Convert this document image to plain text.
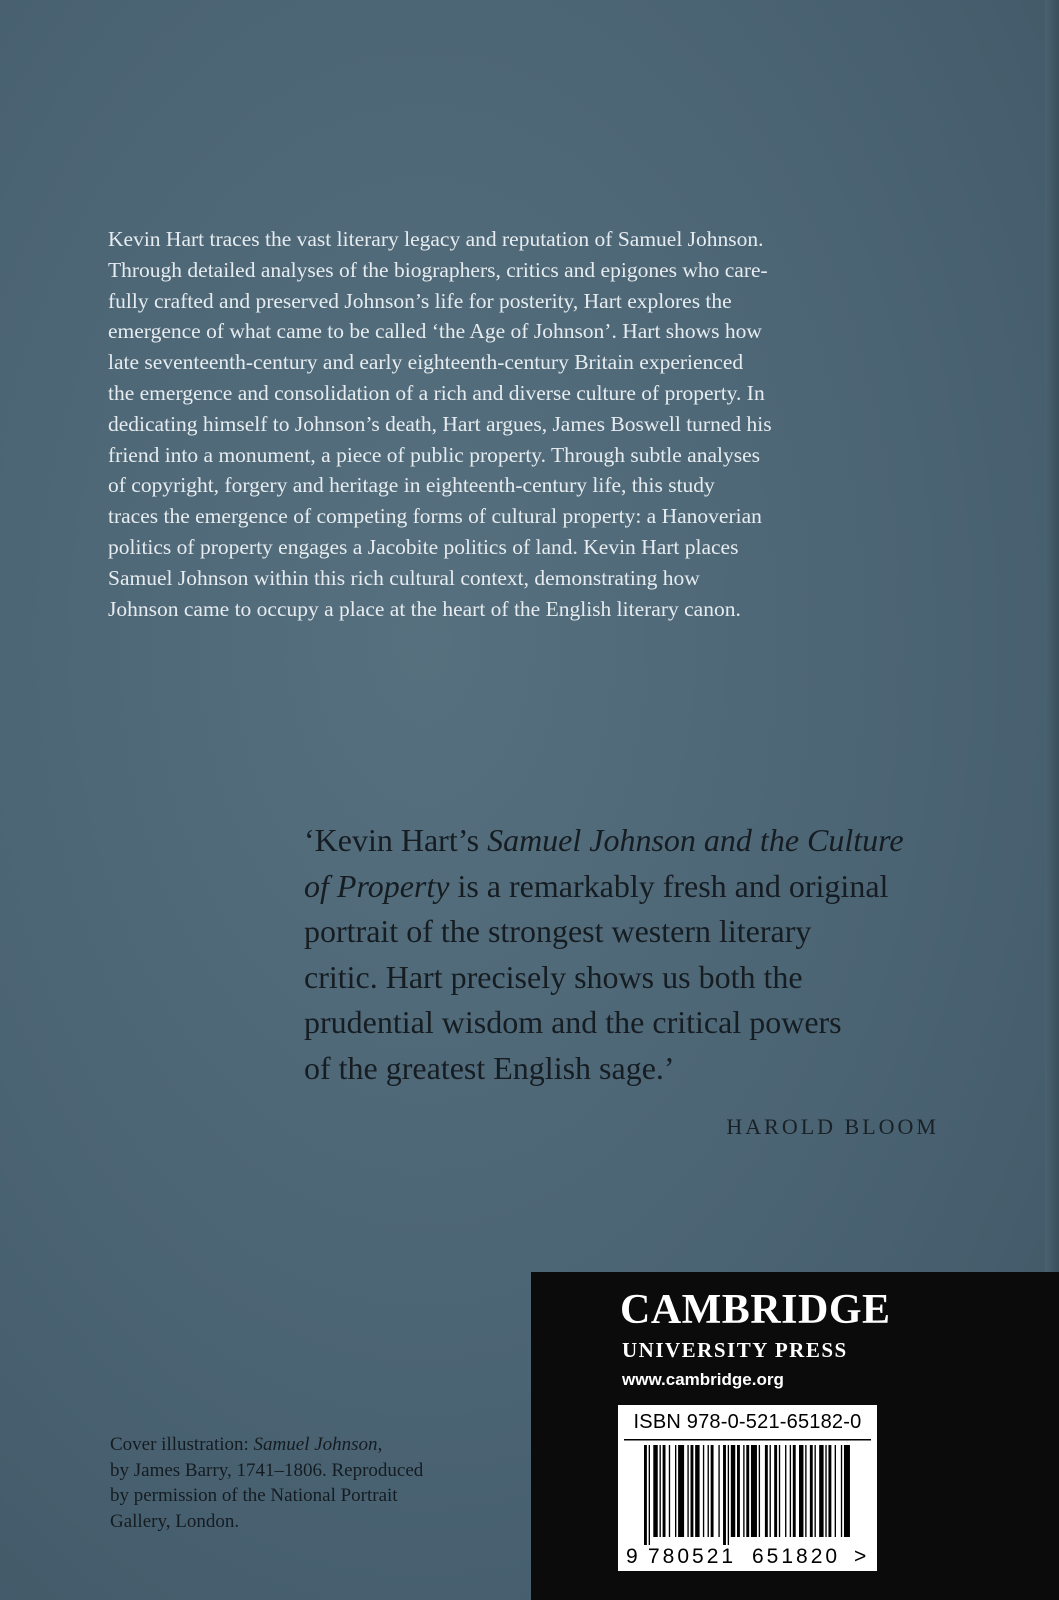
Kevin Hart traces the vast literary legacy and reputation of Samuel Johnson.

Through detailed analyses of the biographers, critics and epigones who care-

fully crafted and preserved Johnson’s life for posterity, Hart explores the

emergence of what came to be called ‘the Age of Johnson’. Hart shows how

late seventeenth-century and early eighteenth-century Britain experienced

the emergence and consolidation of a rich and diverse culture of property. In

dedicating himself to Johnson’s death, Hart argues, James Boswell turned his

friend into a monument, a piece of public property. Through subtle analyses

of copyright, forgery and heritage in eighteenth-century life, this study

traces the emergence of competing forms of cultural property: a Hanoverian

politics of property engages a Jacobite politics of land. Kevin Hart places

Samuel Johnson within this rich cultural context, demonstrating how

Johnson came to occupy a place at the heart of the English literary canon.

‘Kevin Hart’s Samuel Johnson and the Culture

of Property is a remarkably fresh and original

portrait of the strongest western literary

critic. Hart precisely shows us both the

prudential wisdom and the critical powers

of the greatest English sage.’

HAROLD BLOOM
Cover illustration: Samuel Johnson,
by James Barry, 1741–1806. Reproduced
by permission of the National Portrait
Gallery, London.
CAMBRIDGE
UNIVERSITY PRESS
www.cambridge.org
ISBN 978-0-521-65182-0
9 780521 651820 >
